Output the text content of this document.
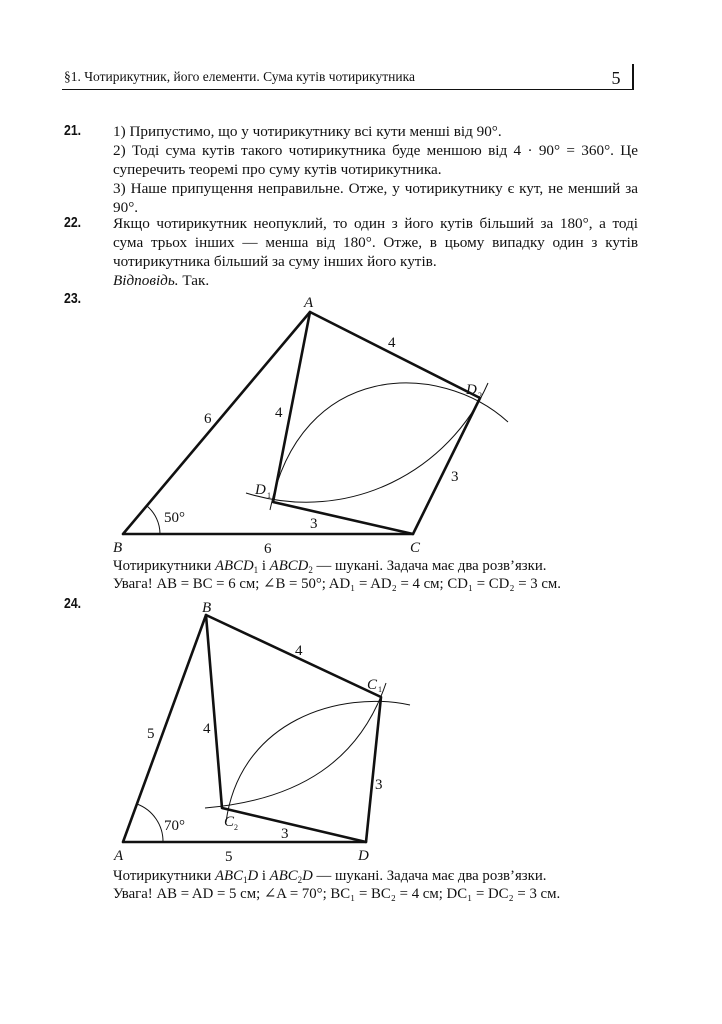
§1. Чотирикутник, його елементи. Сума кутів чотирикутника	5
21. 1) Припустимо, що у чотирикутнику всі кути менші від 90°.

2) Тоді сума кутів такого чотирикутника буде меншою від 4 · 90° = 360°. Це суперечить теоремі про суму кутів чотирикутника.

3) Наше припущення неправильне. Отже, у чотирикутнику є кут, не менший за 90°.

22. Якщо чотирикутник неопуклий, то один з його кутів більший за 180°, а тоді сума трьох інших — менша від 180°. Отже, в цьому випадку один з кутів чотирикутника більший за суму інших його кутів.
Відповідь. Так.

23.	A
B	C
D 2
D 1
6
6
4
4
3
3
50°

Чотирикутники $ABCD_1$ і $ABCD_2$ — шукані. Задача має два розв’язки.

Увага! AB = BC = 6 см; ∠B = 50°; AD₁ = AD₂ = 4 см; CD₁ = CD₂ = 3 см.

24.
A
B
D
C 1
C 2
5
5
4
4
3
3
70°

Чотирикутники $ABC_1D$ і $ABC_2D$ — шукані. Задача має два розв’язки.

Увага! AB = AD = 5 см; ∠A = 70°; BC₁ = BC₂ = 4 см; DC₁ = DC₂ = 3 см.
